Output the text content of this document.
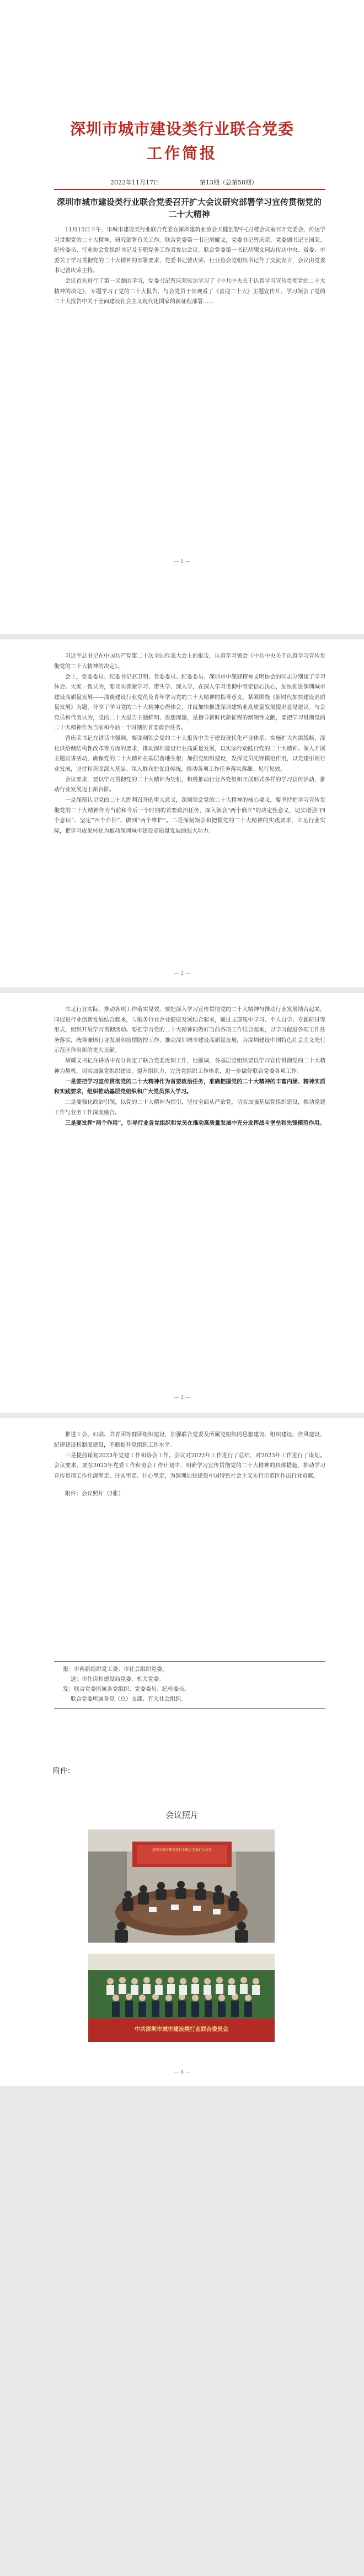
深圳市城市建设类行业联合党委
工作简报
2022年11月17日	第13期（总第58期）
深圳市城市建设类行业联合党委召开扩大会议研究部署学习宣传贯彻党的二十大精神

11月15日下午，市城市建设类行业联合党委在深圳建筑业协会天健创智中心2楼会议室召开党委会，传达学习贯彻党的二十大精神，研究部署有关工作。联合党委第一书记胡耀文，党委书记曾庆荣、党委副书记王国荣、纪检委员、行业协会党组织书记及专职党务工作者参加会议。联合党委第一书记胡耀文同志传达中央、省委、市委关于学习贯彻党的二十大精神的部署要求，党委书记曾庆荣、行业协会党组织书记作了交流发言，会议由党委书记曾庆荣主持。

会议首先进行了第一议题的学习，党委书记曾庆荣传达学习了《中共中央关于认真学习宣传贯彻党的二十大精神的决定》，专题学习了党的二十大报告，与会党员干部观看了《喜迎二十大》主题宣传片，学习领会了党的二十大报告中关于全面建设社会主义现代化国家的新征程部署……

— 1 —

习近平总书记在中国共产党第二十次全国代表大会上的报告，认真学习领会《中共中央关于认真学习宣传贯彻党的二十大精神的决定》。

会上，党委委员、纪委书记赵卫明、党委委员、纪委委员、深圳市中深建精神文明协会的同志分别谈了学习体会。大家一致认为，要切实抓紧学习、带头学、深入学，在深入学习贯彻中坚定信心决心，加快推进深圳城市建设高质量发展——浅谈建设行业党员及青年学习党的二十大精神的指导意义，紧紧围绕《新时代加快建设高质量发展》为题，分享了学习党的二十大精神心得体会，并就加快推进深圳建筑业高质量发展提出意见建议。与会党员和代表认为，党的二十大报告主题鲜明、思想深邃，是指导新时代新征程的纲领性文献，要把学习贯彻党的二十大精神作为当前和今后一个时期的首要政治任务。

曾庆荣书记在讲话中强调，要深刻领会党的二十大报告中关于建设现代化产业体系、实施扩大内需战略、深化供给侧结构性改革等方面的要求，推动深圳建设行业高质量发展，以实际行动践行党的二十大精神。深入开展主题宣讲活动，确保党的二十大精神在基层落地生根；加强党组织建设，发挥党员先锋模范作用，以党建引领行业发展，坚持和巩固深入基层、深入群众的优良传统，推动各项工作任务落实落细、见行见效。

会议要求，要以学习贯彻党的二十大精神为契机，积极推动行业各党组织开展形式多样的学习宣传活动，推动行业发展迈上新台阶。

一是深刻认识党的二十大胜利召开的重大意义，深刻领会党的二十大精神的核心要义，要坚持把学习宣传贯彻党的二十大精神作为当前和今后一个时期的首要政治任务，深入领会“两个确立”的决定性意义，切实增强“四个意识”、坚定“四个自信”、做到“两个维护”。二是深刻领会和把握党的二十大精神的实践要求，立足行业实际，把学习成果转化为推动深圳城市建设高质量发展的强大动力。

— 2 —

立足行业实际，推动各项工作落实见效，要把深入学习宣传贯彻党的二十大精神与推动行业发展结合起来，同促进行业创新发展结合起来，与服务行业企业健康发展结合起来，通过支部集中学习、个人自学、专题研讨等形式，组织开展学习贯彻活动。要把学习党的二十大精神同做好当前各项工作结合起来，以学习促进各项工作任务落实，统筹兼顾行业发展和疫情防控工作，推动深圳城市建设高质量发展，为深圳建设中国特色社会主义先行示范区作出新的更大贡献。

胡耀文书记在讲话中充分肯定了联合党委近期工作，他强调，各基层党组织要以学习宣传贯彻党的二十大精神为契机，切实加强党组织建设，提升组织力，完善党组织工作体系，进一步做好联合党委各项工作。

一是要把学习宣传贯彻党的二十大精神作为首要政治任务，准确把握党的二十大精神的丰富内涵、精神实质和实践要求，组织推动基层党组织和广大党员深入学习。

二是要强化政治引领，以党的二十大精神为指引，坚持全面从严治党，切实加强基层党组织建设，推动党建工作与业务工作深度融合。

三是要发挥“两个作用”，引导行业各党组织和党员在推动高质量发展中充分发挥战斗堡垒和先锋模范作用。

— 3 —

推进工会、妇联、共青团等群团组织建设，加强联合党委及所属党组织的思想建设、组织建设、作风建设、纪律建设和制度建设，不断提升党组织工作水平。

三是提前谋划2023年党建工作和协会工作。会议对2022年工作进行了总结，对2023年工作进行了谋划。会议要求，要在2023年党委工作和协会工作计划中，明确学习宣传贯彻党的二十大精神的具体措施，推动学习宣传贯彻工作往深里走、往实里走、往心里走，为深圳加快建设中国特色社会主义先行示范区作出行业贡献。

附件：会议照片（2张）

报：市两新组织党工委、市社会组织党委。
送：市住房和建设局党委、机关党委。
发：联合党委所属各党组织、党委委员、纪检委员。
联合党委所属各党（总）支部、有关社会组织。
附件：
会议照片
深圳市城市建设类行业联合党委扩大会议
中共深圳市城市建设类行业联合委员会
— 4 —
